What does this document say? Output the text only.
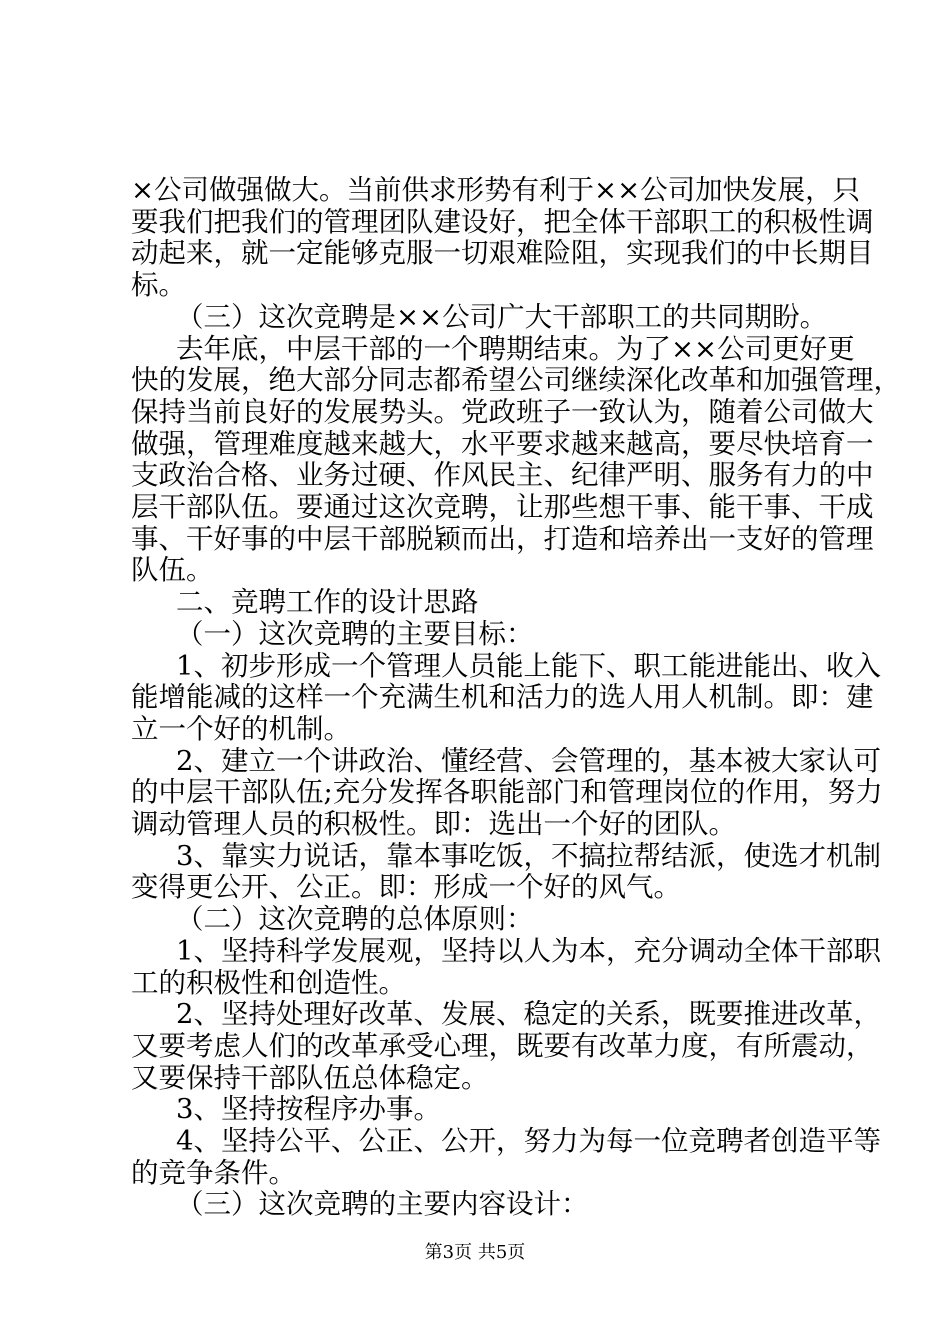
×公司做强做大。当前供求形势有利于××公司加快发展，只
要我们把我们的管理团队建设好，把全体干部职工的积极性调
动起来，就一定能够克服一切艰难险阻，实现我们的中长期目
标。
（三）这次竞聘是××公司广大干部职工的共同期盼。
去年底，中层干部的一个聘期结束。为了××公司更好更
快的发展，绝大部分同志都希望公司继续深化改革和加强管理，
保持当前良好的发展势头。党政班子一致认为，随着公司做大
做强，管理难度越来越大，水平要求越来越高，要尽快培育一
支政治合格、业务过硬、作风民主、纪律严明、服务有力的中
层干部队伍。要通过这次竞聘，让那些想干事、能干事、干成
事、干好事的中层干部脱颖而出，打造和培养出一支好的管理
队伍。
二、竞聘工作的设计思路
（一）这次竞聘的主要目标：
1、初步形成一个管理人员能上能下、职工能进能出、收入
能增能减的这样一个充满生机和活力的选人用人机制。即：建
立一个好的机制。
2、建立一个讲政治、懂经营、会管理的，基本被大家认可
的中层干部队伍;充分发挥各职能部门和管理岗位的作用，努力
调动管理人员的积极性。即：选出一个好的团队。
3、靠实力说话，靠本事吃饭，不搞拉帮结派，使选才机制
变得更公开、公正。即：形成一个好的风气。
（二）这次竞聘的总体原则：
1、坚持科学发展观，坚持以人为本，充分调动全体干部职
工的积极性和创造性。
2、坚持处理好改革、发展、稳定的关系，既要推进改革，
又要考虑人们的改革承受心理，既要有改革力度，有所震动，
又要保持干部队伍总体稳定。
3、坚持按程序办事。
4、坚持公平、公正、公开，努力为每一位竞聘者创造平等
的竞争条件。
（三）这次竞聘的主要内容设计：
第3页 共5页
